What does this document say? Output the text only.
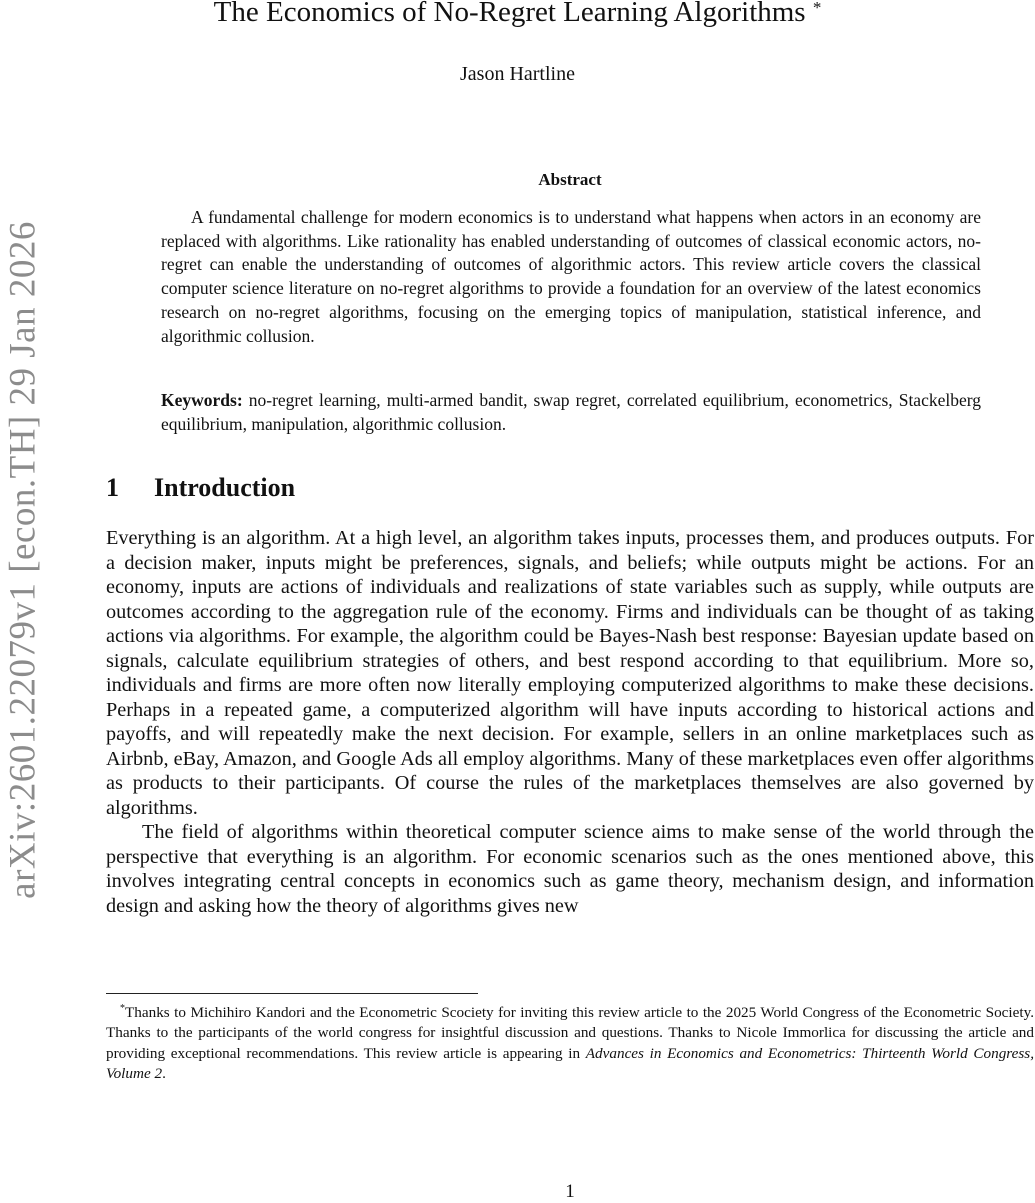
arXiv:2601.22079v1 [econ.TH] 29 Jan 2026
The Economics of No-Regret Learning Algorithms *
Jason Hartline
Abstract

A fundamental challenge for modern economics is to understand what happens when actors in an economy are replaced with algorithms. Like rationality has enabled understanding of outcomes of classical economic actors, no-regret can enable the understanding of outcomes of algorithmic actors. This review article covers the classical computer science literature on no-regret algorithms to provide a foundation for an overview of the latest economics research on no-regret algorithms, focusing on the emerging topics of manipulation, statistical inference, and algorithmic collusion.

Keywords: no-regret learning, multi-armed bandit, swap regret, correlated equilibrium, econometrics, Stackelberg equilibrium, manipulation, algorithmic collusion.

1 Introduction

Everything is an algorithm. At a high level, an algorithm takes inputs, processes them, and produces outputs. For a decision maker, inputs might be preferences, signals, and beliefs; while outputs might be actions. For an economy, inputs are actions of individuals and realizations of state variables such as supply, while outputs are outcomes according to the aggregation rule of the economy. Firms and individuals can be thought of as taking actions via algorithms. For example, the algorithm could be Bayes-Nash best response: Bayesian update based on signals, calculate equilibrium strategies of others, and best respond according to that equilibrium. More so, individuals and firms are more often now literally employing computerized algorithms to make these decisions. Perhaps in a repeated game, a computerized algorithm will have inputs according to historical actions and payoffs, and will repeatedly make the next decision. For example, sellers in an online marketplaces such as Airbnb, eBay, Amazon, and Google Ads all employ algorithms. Many of these marketplaces even offer algorithms as products to their participants. Of course the rules of the marketplaces themselves are also governed by algorithms.

The field of algorithms within theoretical computer science aims to make sense of the world through the perspective that everything is an algorithm. For economic scenarios such as the ones mentioned above, this involves integrating central concepts in economics such as game theory, mechanism design, and information design and asking how the theory of algorithms gives new

*Thanks to Michihiro Kandori and the Econometric Scociety for inviting this review article to the 2025 World Congress of the Econometric Society. Thanks to the participants of the world congress for insightful discussion and questions. Thanks to Nicole Immorlica for discussing the article and providing exceptional recommendations. This review article is appearing in Advances in Economics and Econometrics: Thirteenth World Congress, Volume 2.

1
